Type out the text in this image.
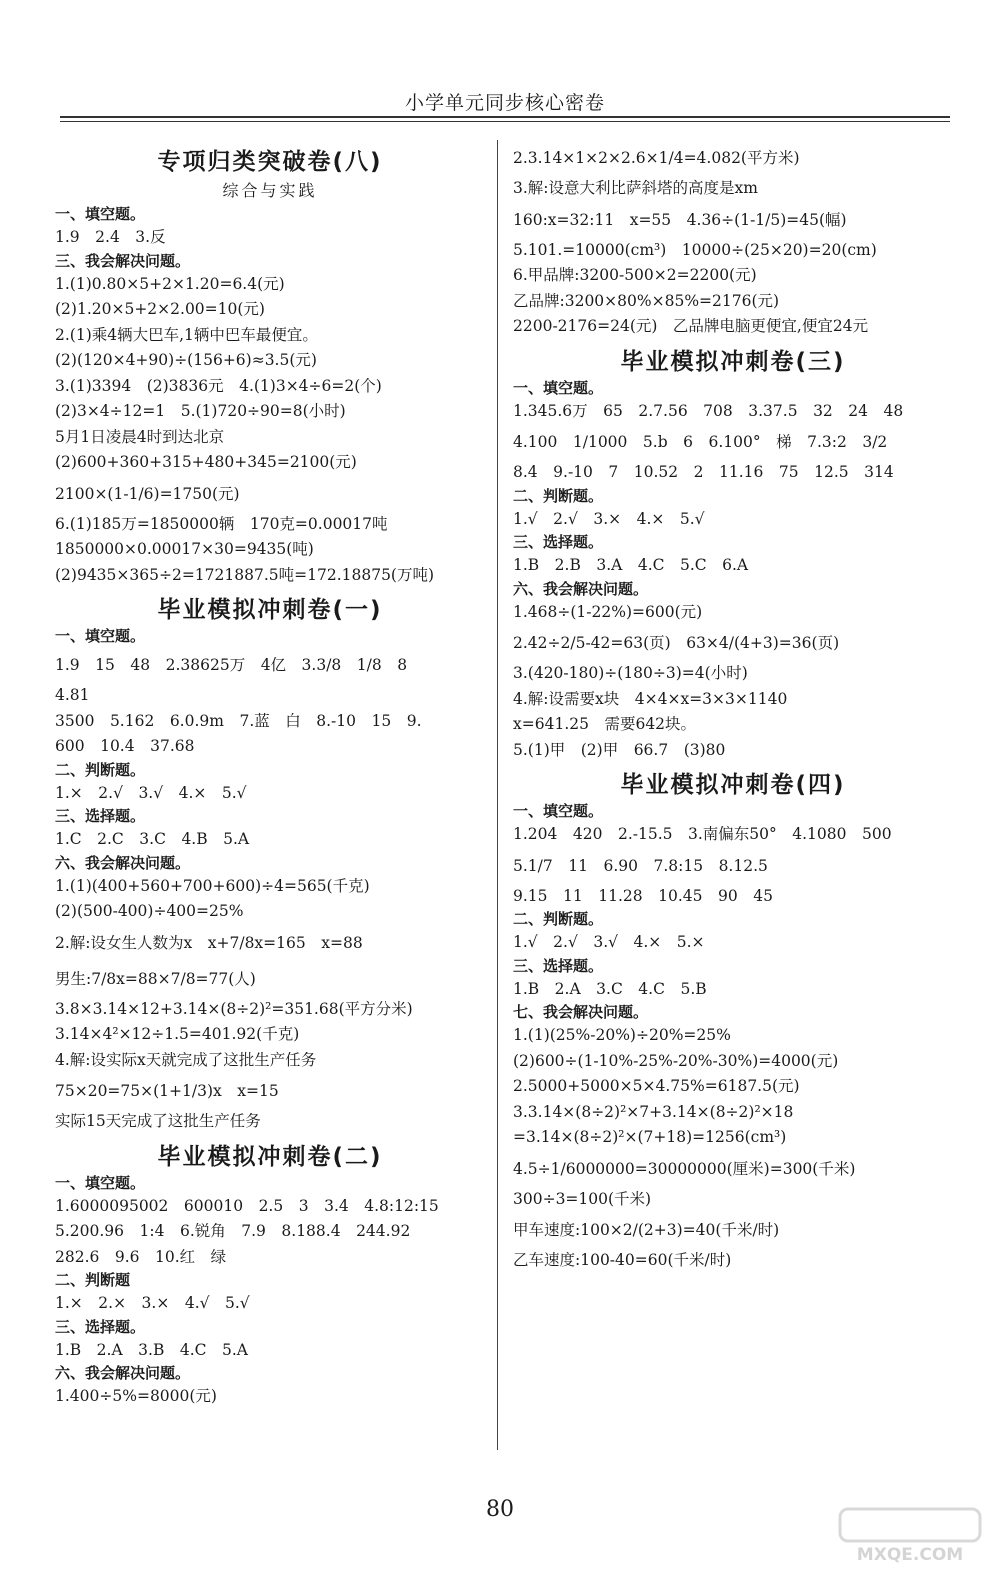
小学单元同步核心密卷
专项归类突破卷(八)
综合与实践
一、填空题。
1.9　2.4　3.反
三、我会解决问题。
1.(1)0.80×5+2×1.20=6.4(元)
(2)1.20×5+2×2.00=10(元)
2.(1)乘4辆大巴车,1辆中巴车最便宜。
(2)(120×4+90)÷(156+6)≈3.5(元)
3.(1)3394　(2)3836元　4.(1)3×4÷6=2(个)
(2)3×4÷12=1　5.(1)720÷90=8(小时)
5月1日凌晨4时到达北京
(2)600+360+315+480+345=2100(元)
2100×(1-1/6)=1750(元)
6.(1)185万=1850000辆　170克=0.00017吨
1850000×0.00017×30=9435(吨)
(2)9435×365÷2=1721887.5吨=172.18875(万吨)
毕业模拟冲刺卷(一)
一、填空题。
1.9　15　48　2.38625万　4亿　3.3/8　1/8　8
4.81
3500　5.162　6.0.9m　7.蓝　白　8.-10　15　9.
600　10.4　37.68
二、判断题。
1.×　2.√　3.√　4.×　5.√
三、选择题。
1.C　2.C　3.C　4.B　5.A
六、我会解决问题。
1.(1)(400+560+700+600)÷4=565(千克)
(2)(500-400)÷400=25%
2.解:设女生人数为x　x+7/8x=165　x=88
男生:7/8x=88×7/8=77(人)
3.8×3.14×12+3.14×(8÷2)²=351.68(平方分米)
3.14×4²×12÷1.5=401.92(千克)
4.解:设实际x天就完成了这批生产任务
75×20=75×(1+1/3)x　x=15
实际15天完成了这批生产任务
毕业模拟冲刺卷(二)
一、填空题。
1.6000095002　600010　2.5　3　3.4　4.8:12:15
5.200.96　1:4　6.锐角　7.9　8.188.4　244.92
282.6　9.6　10.红　绿
二、判断题
1.×　2.×　3.×　4.√　5.√
三、选择题。
1.B　2.A　3.B　4.C　5.A
六、我会解决问题。
1.400÷5%=8000(元)
2.3.14×1×2×2.6×1/4=4.082(平方米)
3.解:设意大利比萨斜塔的高度是xm
160:x=32:11　x=55　4.36÷(1-1/5)=45(幅)
5.101.=10000(cm³)　10000÷(25×20)=20(cm)
6.甲品牌:3200-500×2=2200(元)
乙品牌:3200×80%×85%=2176(元)
2200-2176=24(元)　乙品牌电脑更便宜,便宜24元
毕业模拟冲刺卷(三)
一、填空题。
1.345.6万　65　2.7.56　708　3.37.5　32　24　48
4.100　1/1000　5.b　6　6.100°　梯　7.3:2　3/2
8.4　9.-10　7　10.52　2　11.16　75　12.5　314
二、判断题。
1.√　2.√　3.×　4.×　5.√
三、选择题。
1.B　2.B　3.A　4.C　5.C　6.A
六、我会解决问题。
1.468÷(1-22%)=600(元)
2.42÷2/5-42=63(页)　63×4/(4+3)=36(页)
3.(420-180)÷(180÷3)=4(小时)
4.解:设需要x块　4×4×x=3×3×1140
x=641.25　需要642块。
5.(1)甲　(2)甲　66.7　(3)80
毕业模拟冲刺卷(四)
一、填空题。
1.204　420　2.-15.5　3.南偏东50°　4.1080　500
5.1/7　11　6.90　7.8:15　8.12.5
9.15　11　11.28　10.45　90　45
二、判断题。
1.√　2.√　3.√　4.×　5.×
三、选择题。
1.B　2.A　3.C　4.C　5.B
七、我会解决问题。
1.(1)(25%-20%)÷20%=25%
(2)600÷(1-10%-25%-20%-30%)=4000(元)
2.5000+5000×5×4.75%=6187.5(元)
3.3.14×(8÷2)²×7+3.14×(8÷2)²×18
=3.14×(8÷2)²×(7+18)=1256(cm³)
4.5÷1/6000000=30000000(厘米)=300(千米)
300÷3=100(千米)
甲车速度:100×2/(2+3)=40(千米/时)
乙车速度:100-40=60(千米/时)
80
MXQE.COM
